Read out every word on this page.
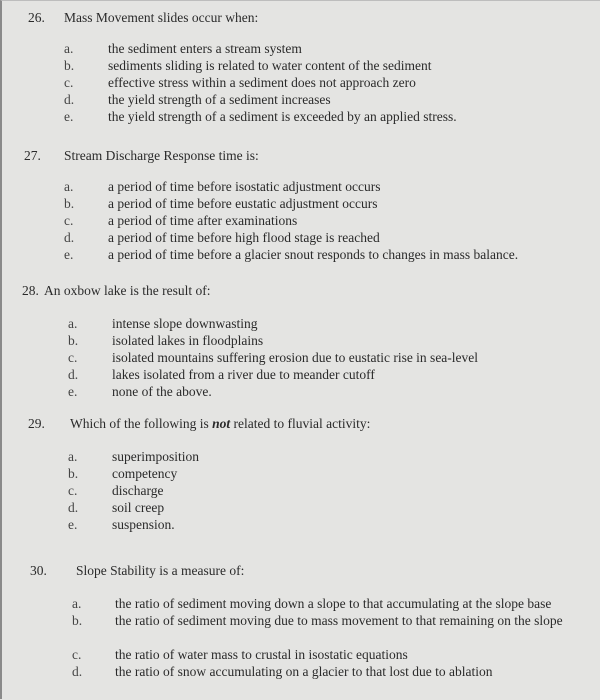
26. Mass Movement slides occur when:
a.	the sediment enters a stream system
b.	sediments sliding is related to water content of the sediment
c.	effective stress within a sediment does not approach zero
d.	the yield strength of a sediment increases
e.	the yield strength of a sediment is exceeded by an applied stress.
27. Stream Discharge Response time is:
a.	a period of time before isostatic adjustment occurs
b.	a period of time before eustatic adjustment occurs
c.	a period of time after examinations
d.	a period of time before high flood stage is reached
e.	a period of time before a glacier snout responds to changes in mass balance.
28. An oxbow lake is the result of:
a.	intense slope downwasting
b.	isolated lakes in floodplains
c.	isolated mountains suffering erosion due to eustatic rise in sea-level
d.	lakes isolated from a river due to meander cutoff
e.	none of the above.
29. Which of the following is not related to fluvial activity:
a.	superimposition
b.	competency
c.	discharge
d.	soil creep
e.	suspension.
30. Slope Stability is a measure of:
a. the ratio of sediment moving down a slope to that accumulating at the slope base
b. the ratio of sediment moving due to mass movement to that remaining on the slope
c. the ratio of water mass to crustal in isostatic equations
d. the ratio of snow accumulating on a glacier to that lost due to ablation
